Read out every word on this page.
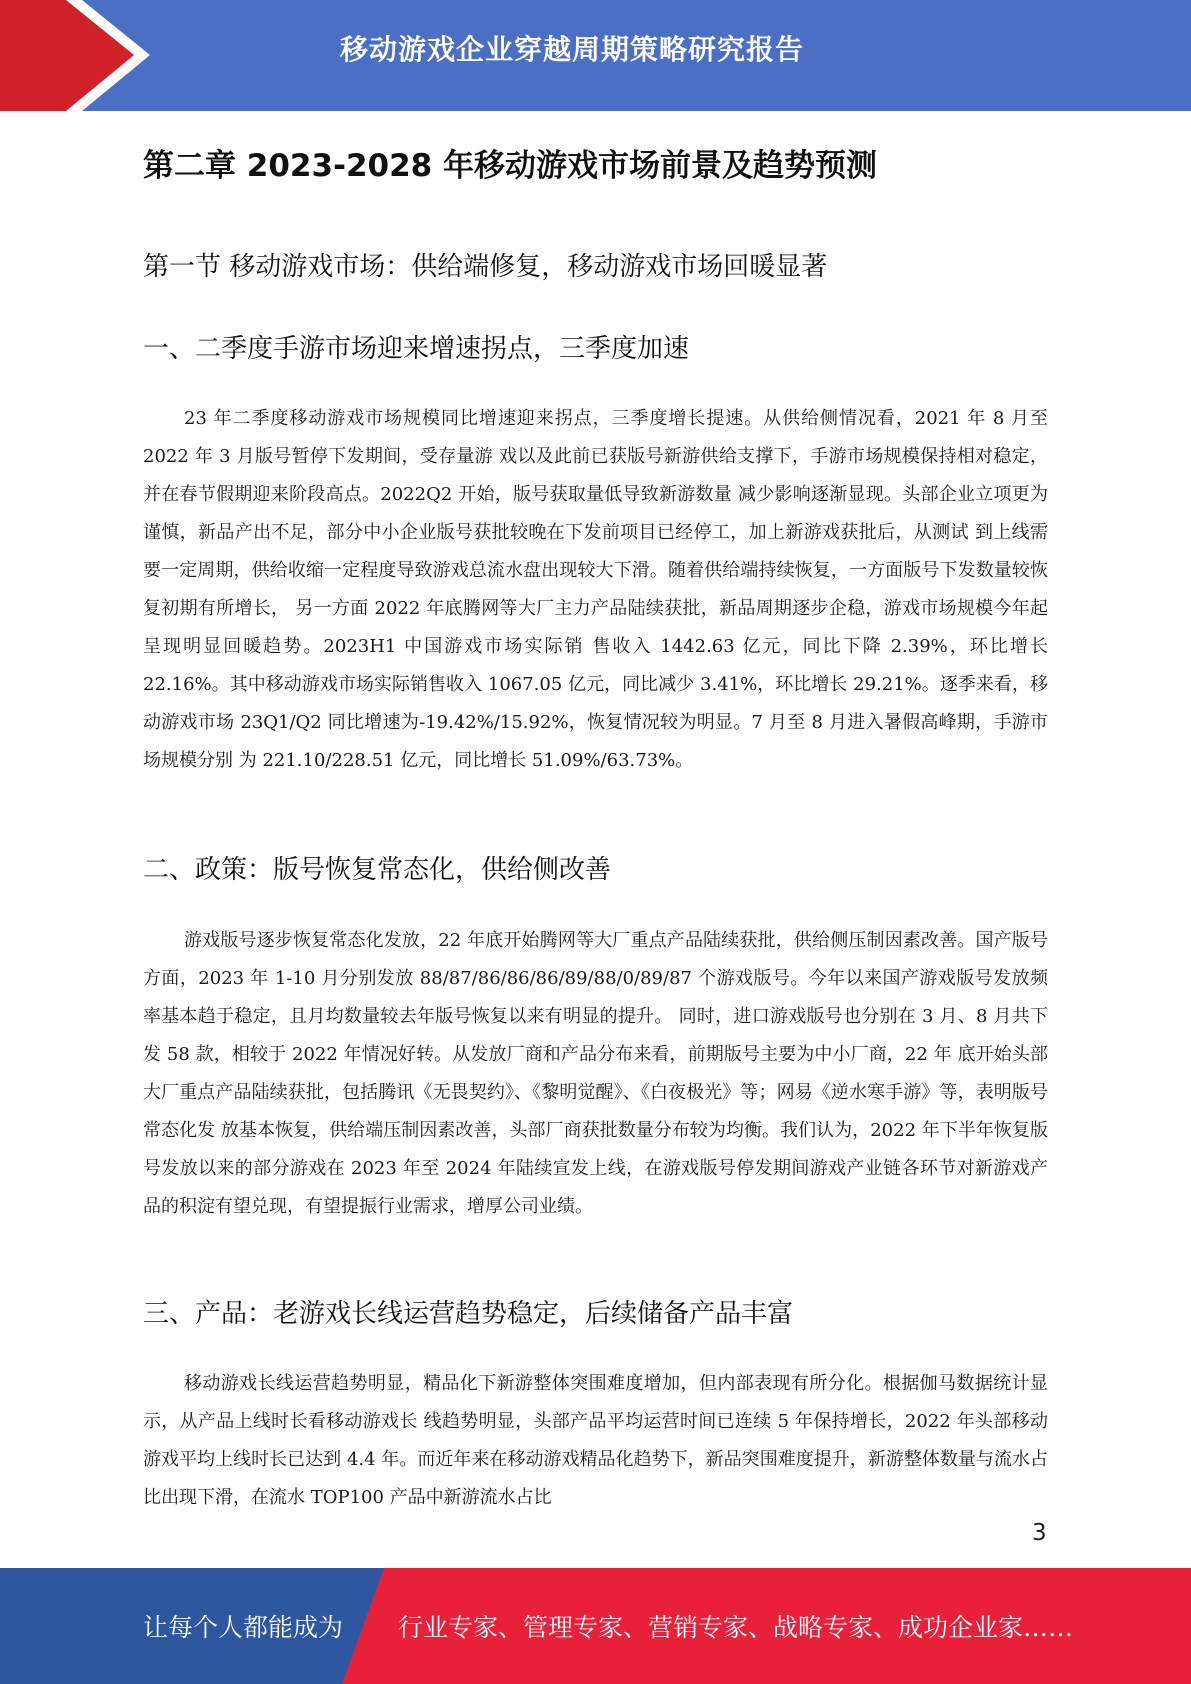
移动游戏企业穿越周期策略研究报告
第二章 2023-2028 年移动游戏市场前景及趋势预测
第一节 移动游戏市场：供给端修复，移动游戏市场回暖显著
一、二季度手游市场迎来增速拐点，三季度加速

23 年二季度移动游戏市场规模同比增速迎来拐点，三季度增长提速。从供给侧情况看，2021 年 8 月至 2022 年 3 月版号暂停下发期间，受存量游 戏以及此前已获版号新游供给支撑下，手游市场规模保持相对稳定，并在春节假期迎来阶段高点。2022Q2 开始，版号获取量低导致新游数量 减少影响逐渐显现。头部企业立项更为谨慎，新品产出不足，部分中小企业版号获批较晚在下发前项目已经停工，加上新游戏获批后，从测试 到上线需要一定周期，供给收缩一定程度导致游戏总流水盘出现较大下滑。随着供给端持续恢复，一方面版号下发数量较恢复初期有所增长， 另一方面 2022 年底腾网等大厂主力产品陆续获批，新品周期逐步企稳，游戏市场规模今年起呈现明显回暖趋势。2023H1 中国游戏市场实际销 售收入 1442.63 亿元，同比下降 2.39%，环比增长 22.16%。其中移动游戏市场实际销售收入 1067.05 亿元，同比减少 3.41%，环比增长 29.21%。逐季来看，移动游戏市场 23Q1/Q2 同比增速为-19.42%/15.92%，恢复情况较为明显。7 月至 8 月进入暑假高峰期，手游市场规模分别 为 221.10/228.51 亿元，同比增长 51.09%/63.73%。

二、政策：版号恢复常态化，供给侧改善

游戏版号逐步恢复常态化发放，22 年底开始腾网等大厂重点产品陆续获批，供给侧压制因素改善。国产版号方面，2023 年 1-10 月分别发放 88/87/86/86/86/89/88/0/89/87 个游戏版号。今年以来国产游戏版号发放频率基本趋于稳定，且月均数量较去年版号恢复以来有明显的提升。 同时，进口游戏版号也分别在 3 月、8 月共下发 58 款，相较于 2022 年情况好转。从发放厂商和产品分布来看，前期版号主要为中小厂商，22 年 底开始头部大厂重点产品陆续获批，包括腾讯《无畏契约》、《黎明觉醒》、《白夜极光》等；网易《逆水寒手游》等，表明版号常态化发 放基本恢复，供给端压制因素改善，头部厂商获批数量分布较为均衡。我们认为，2022 年下半年恢复版号发放以来的部分游戏在 2023 年至 2024 年陆续宣发上线，在游戏版号停发期间游戏产业链各环节对新游戏产品的积淀有望兑现，有望提振行业需求，增厚公司业绩。

三、产品：老游戏长线运营趋势稳定，后续储备产品丰富

移动游戏长线运营趋势明显，精品化下新游整体突围难度增加，但内部表现有所分化。根据伽马数据统计显示，从产品上线时长看移动游戏长 线趋势明显，头部产品平均运营时间已连续 5 年保持增长，2022 年头部移动游戏平均上线时长已达到 4.4 年。而近年来在移动游戏精品化趋势下，新品突围难度提升，新游整体数量与流水占比出现下滑，在流水 TOP100 产品中新游流水占比

3
让每个人都能成为 行业专家、管理专家、营销专家、战略专家、成功企业家……
